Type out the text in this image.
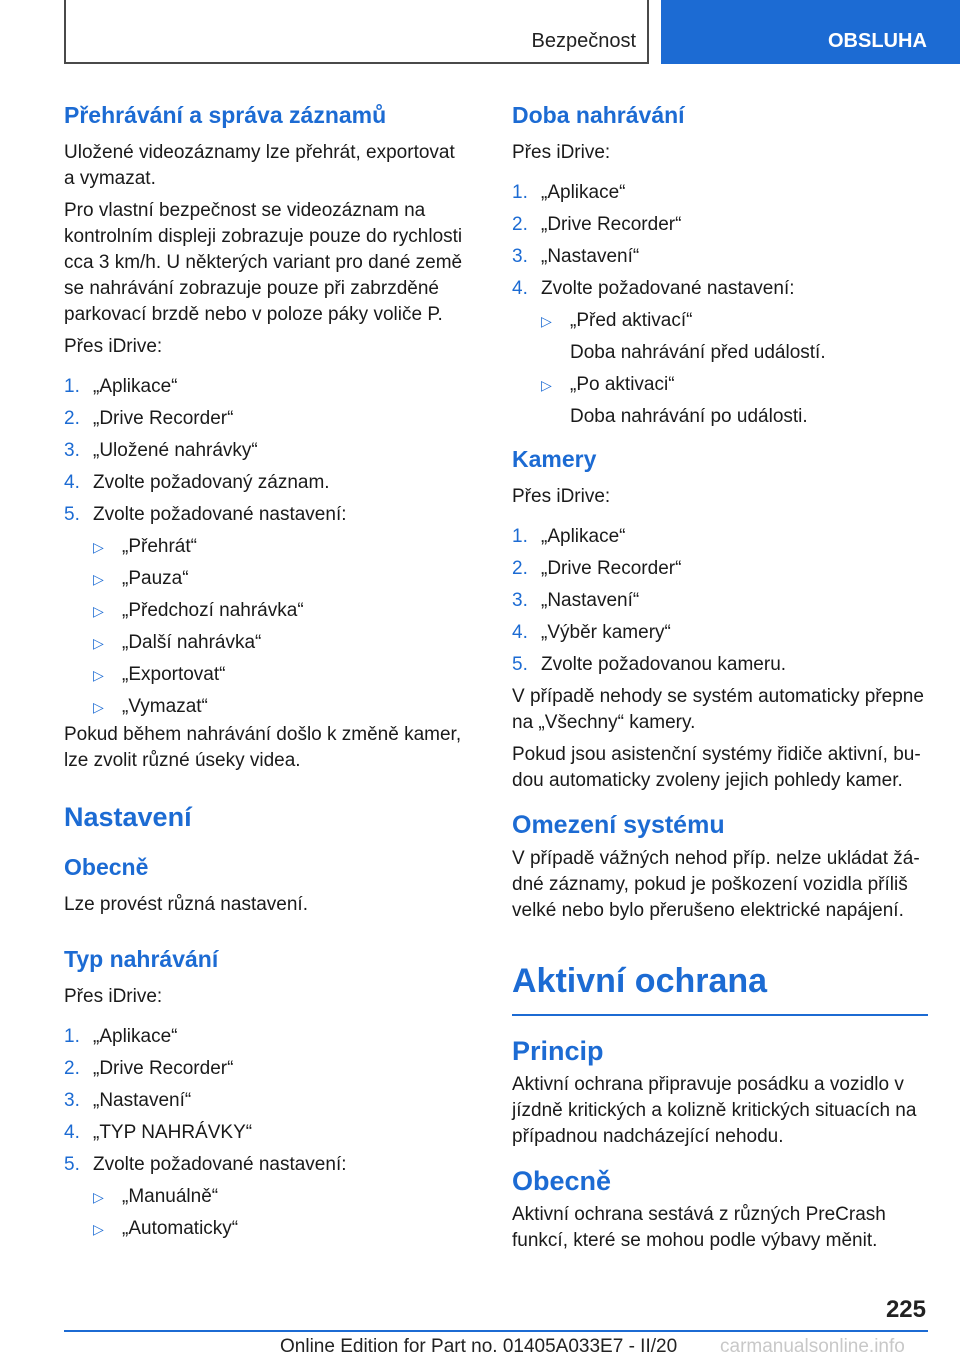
Bezpečnost	OBSLUHA
Přehrávání a správa záznamů
Uložené videozáznamy lze přehrát, exportovat a vymazat.
Pro vlastní bezpečnost se videozáznam na kontrolním displeji zobrazuje pouze do rychlosti cca 3 km/h. U některých variant pro dané země se nahrávání zobrazuje pouze při zabrzděné parkovací brzdě nebo v poloze páky voliče P.
Přes iDrive:
1. „Aplikace“
2. „Drive Recorder“
3. „Uložené nahrávky“
4. Zvolte požadovaný záznam.
5. Zvolte požadované nastavení:
▷ „Přehrát“
▷ „Pauza“
▷ „Předchozí nahrávka“
▷ „Další nahrávka“
▷ „Exportovat“
▷ „Vymazat“
Pokud během nahrávání došlo k změně kamer, lze zvolit různé úseky videa.
Nastavení
Obecně
Lze provést různá nastavení.
Typ nahrávání
Přes iDrive:
1. „Aplikace“
2. „Drive Recorder“
3. „Nastavení“
4. „TYP NAHRÁVKY“
5. Zvolte požadované nastavení:
▷ „Manuálně“
▷ „Automaticky“
Doba nahrávání
Přes iDrive:
1. „Aplikace“
2. „Drive Recorder“
3. „Nastavení“
4. Zvolte požadované nastavení:
▷ „Před aktivací“
Doba nahrávání před událostí.
▷ „Po aktivaci“
Doba nahrávání po události.
Kamery
Přes iDrive:
1. „Aplikace“
2. „Drive Recorder“
3. „Nastavení“
4. „Výběr kamery“
5. Zvolte požadovanou kameru.
V případě nehody se systém automaticky přepne na „Všechny“ kamery.
Pokud jsou asistenční systémy řidiče aktivní, budou automaticky zvoleny jejich pohledy kamer.
Omezení systému
V případě vážných nehod příp. nelze ukládat žádné záznamy, pokud je poškození vozidla příliš velké nebo bylo přerušeno elektrické napájení.
Aktivní ochrana
Princip
Aktivní ochrana připravuje posádku a vozidlo v jízdně kritických a kolizně kritických situacích na případnou nadcházející nehodu.
Obecně
Aktivní ochrana sestává z různých PreCrash funkcí, které se mohou podle výbavy měnit.
225
Online Edition for Part no. 01405A033E7 - II/20 carmanualsonline.info
